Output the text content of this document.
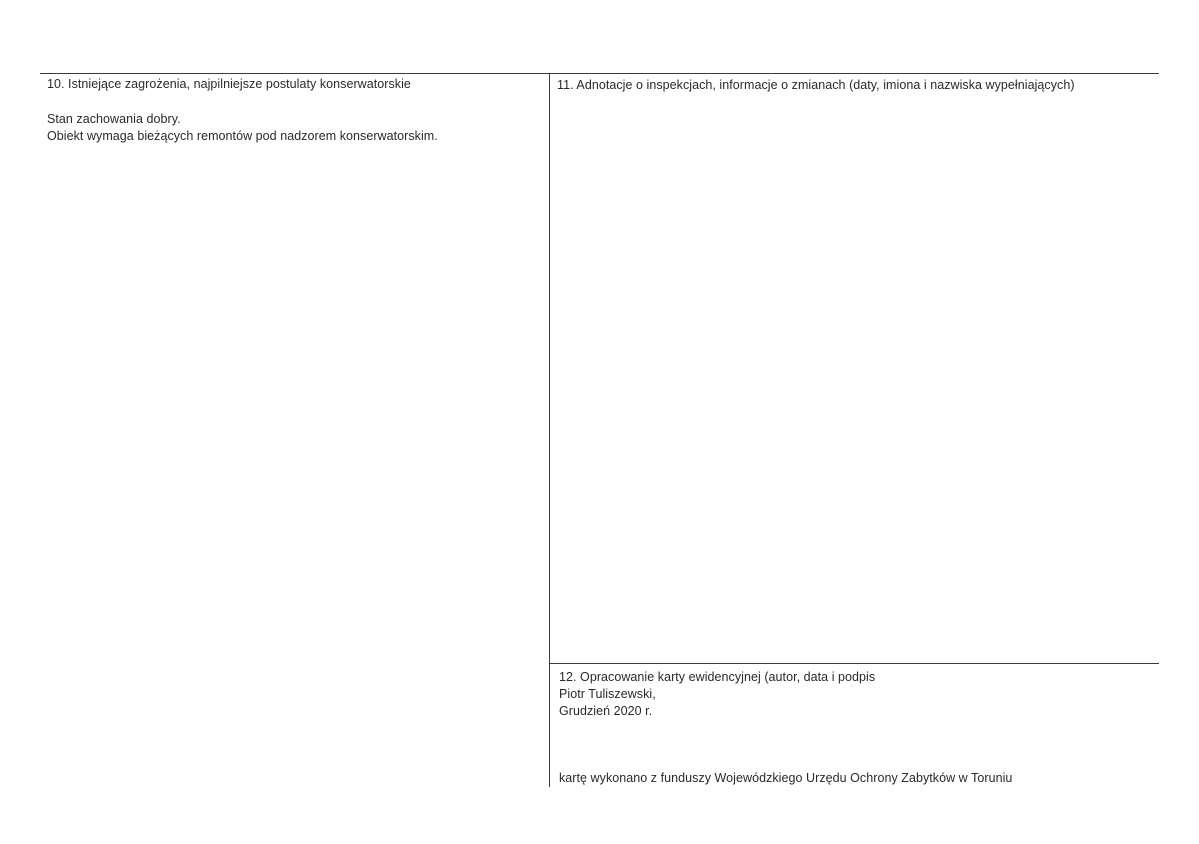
10. Istniejące zagrożenia, najpilniejsze postulaty konserwatorskie
Stan zachowania dobry.
Obiekt wymaga bieżących remontów pod nadzorem konserwatorskim.
11. Adnotacje o inspekcjach, informacje o zmianach (daty, imiona i nazwiska wypełniających)
12. Opracowanie karty ewidencyjnej (autor, data i podpis
Piotr Tuliszewski,
Grudzień 2020 r.
kartę wykonano z funduszy Wojewódzkiego Urzędu Ochrony Zabytków w Toruniu
